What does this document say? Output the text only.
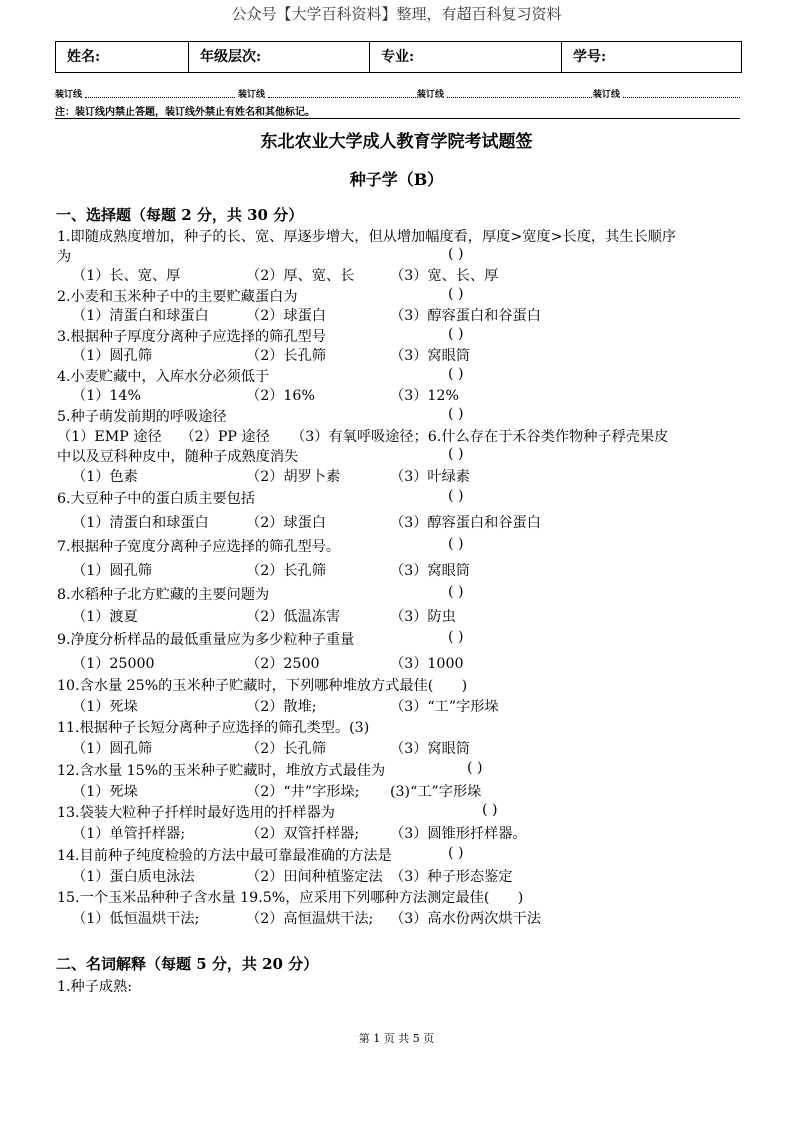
公众号【大学百科资料】整理，有超百科复习资料
姓名:	年级层次:	专业:	学号:
装订线	装订线	装订线	装订线
注：装订线内禁止答题，装订线外禁止有姓名和其他标记。
东北农业大学成人教育学院考试题签
种子学（B）
一、选择题（每题 2 分，共 30 分）
1.即随成熟度增加，种子的长、宽、厚逐步增大，但从增加幅度看，厚度>宽度>长度，其生长顺序
为	( )
（1）长、宽、厚	（2）厚、宽、长	（3）宽、长、厚
2.小麦和玉米种子中的主要贮藏蛋白为	( )
（1）清蛋白和球蛋白	（2）球蛋白	（3）醇容蛋白和谷蛋白
3.根据种子厚度分离种子应选择的筛孔型号	( )
（1）圆孔筛	（2）长孔筛	（3）窝眼筒
4.小麦贮藏中，入库水分必须低于	( )
（1）14%	（2）16%	（3）12%
5.种子萌发前期的呼吸途径	( )
（1）EMP 途径　 （2）PP 途径　　（3）有氧呼吸途径；6.什么存在于禾谷类作物种子稃壳果皮
中以及豆科种皮中，随种子成熟度消失	( )
（1）色素	（2）胡罗卜素	（3）叶绿素
6.大豆种子中的蛋白质主要包括	( )
（1）清蛋白和球蛋白	（2）球蛋白	（3）醇容蛋白和谷蛋白
7.根据种子宽度分离种子应选择的筛孔型号。	( )
（1）圆孔筛	（2）长孔筛	（3）窝眼筒
8.水稻种子北方贮藏的主要问题为	( )
（1）渡夏	（2）低温冻害	（3）防虫
9.净度分析样品的最低重量应为多少粒种子重量	( )
（1）25000	（2）2500	（3）1000
10.含水量 25%的玉米种子贮藏时，下列哪种堆放方式最佳(　　)
（1）死垛	（2）散堆;	（3）“工”字形垛
11.根据种子长短分离种子应选择的筛孔类型。(3)
（1）圆孔筛	（2）长孔筛	（3）窝眼筒
12.含水量 15%的玉米种子贮藏时，堆放方式最佳为	( )
（1）死垛	（2）“井”字形垛; (3)“工”字形垛
13.袋装大粒种子扦样时最好选用的扦样器为	( )
（1）单管扦样器;	（2）双管扦样器; （3）圆锥形扦样器。
14.目前种子纯度检验的方法中最可靠最准确的方法是	( )
（1）蛋白质电泳法	（2）田间种植鉴定法 （3）种子形态鉴定
15.一个玉米品种种子含水量 19.5%，应采用下列哪种方法测定最佳(　　)
（1）低恒温烘干法;	（2）高恒温烘干法; （3）高水份两次烘干法
二、名词解释（每题 5 分，共 20 分）
1.种子成熟:
第 1 页 共 5 页
